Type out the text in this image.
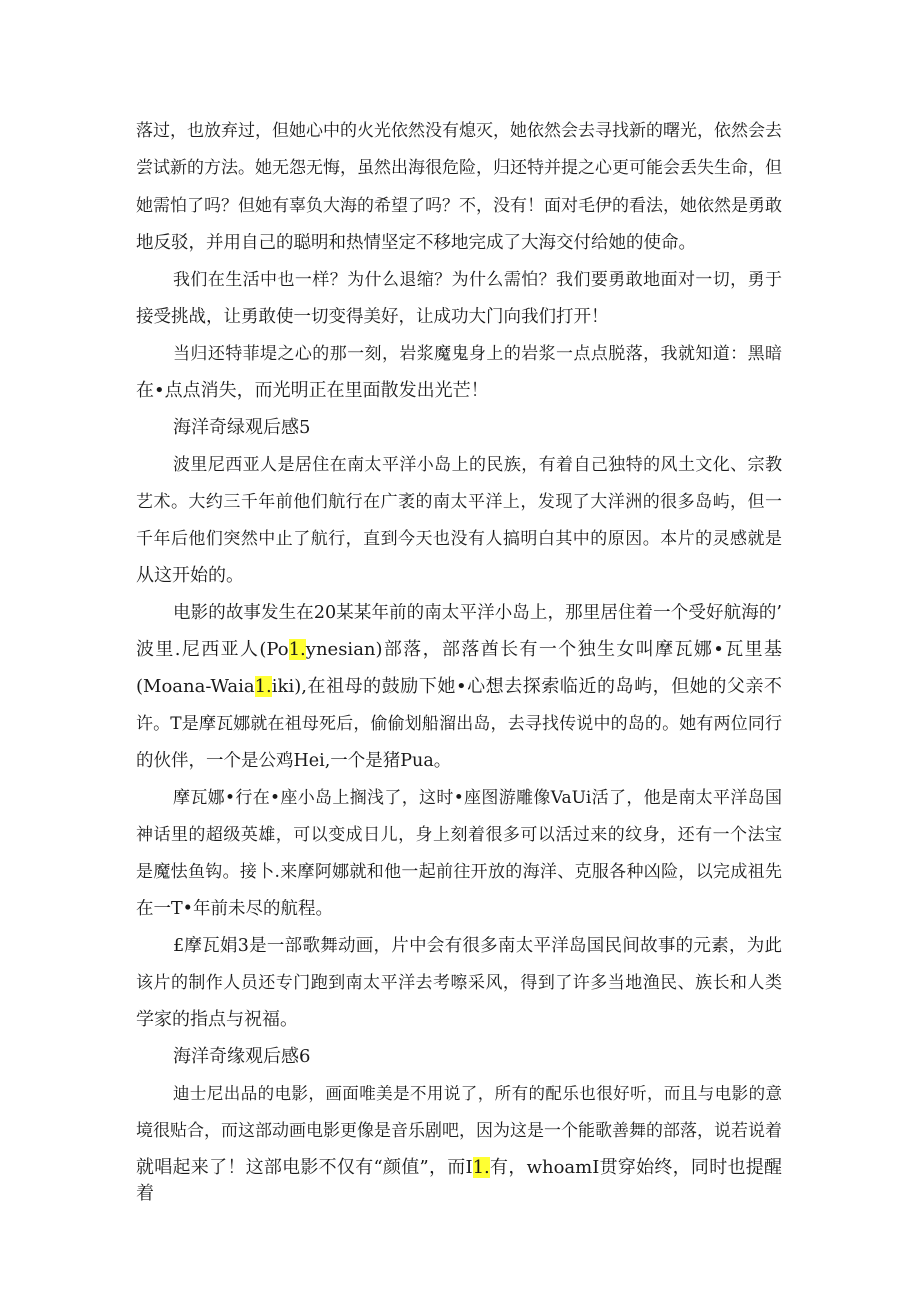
落过，也放弃过，但她心中的火光依然没有熄灭，她依然会去寻找新的曙光，依然会去
尝试新的方法。她无怨无悔，虽然出海很危险，归还特并提之心更可能会丢失生命，但
她需怕了吗？但她有辜负大海的希望了吗？不，没有！面对毛伊的看法，她依然是勇敢
地反驳，并用自己的聪明和热情坚定不移地完成了大海交付给她的使命。
我们在生活中也一样？为什么退缩？为什么需怕？我们要勇敢地面对一切，勇于
接受挑战，让勇敢使一切变得美好，让成功大门向我们打开！
当归还特菲堤之心的那一刻，岩浆魔鬼身上的岩浆一点点脱落，我就知道：黑暗
在•点点消失，而光明正在里面散发出光芒！
海洋奇绿观后感5
波里尼西亚人是居住在南太平洋小岛上的民族，有着自己独特的风土文化、宗教
艺术。大约三千年前他们航行在广袤的南太平洋上，发现了大洋洲的很多岛屿，但一
千年后他们突然中止了航行，直到今天也没有人搞明白其中的原因。本片的灵感就是
从这开始的。
电影的故事发生在20某某年前的南太平洋小岛上，那里居住着一个受好航海的’
波里.尼西亚人(Po1.ynesian)部落，部落酋长有一个独生女叫摩瓦娜•瓦里基
(Moana-Waia1.iki),在祖母的鼓励下她•心想去探索临近的岛屿，但她的父亲不
许。T是摩瓦娜就在祖母死后，偷偷划船溜出岛，去寻找传说中的岛的。她有两位同行
的伙伴，一个是公鸡Hei,一个是猪Pua。
摩瓦娜•行在•座小岛上搁浅了，这时•座图游雕像VaUi活了，他是南太平洋岛国
神话里的超级英雄，可以变成日儿，身上刻着很多可以活过来的纹身，还有一个法宝
是魔怯鱼钩。接卜.来摩阿娜就和他一起前往开放的海洋、克服各种凶险，以完成祖先
在一T•年前未尽的航程。
£摩瓦娟3是一部歌舞动画，片中会有很多南太平洋岛国民间故事的元素，为此
该片的制作人员还专门跑到南太平洋去考嚓采风，得到了许多当地渔民、族长和人类
学家的指点与祝福。
海洋奇缘观后感6
迪士尼出品的电影，画面唯美是不用说了，所有的配乐也很好听，而且与电影的意
境很贴合，而这部动画电影更像是音乐剧吧，因为这是一个能歌善舞的部落，说若说着
就唱起来了！这部电影不仅有“颜值”，而I1.有，whoamI贯穿始终，同时也提醒着
